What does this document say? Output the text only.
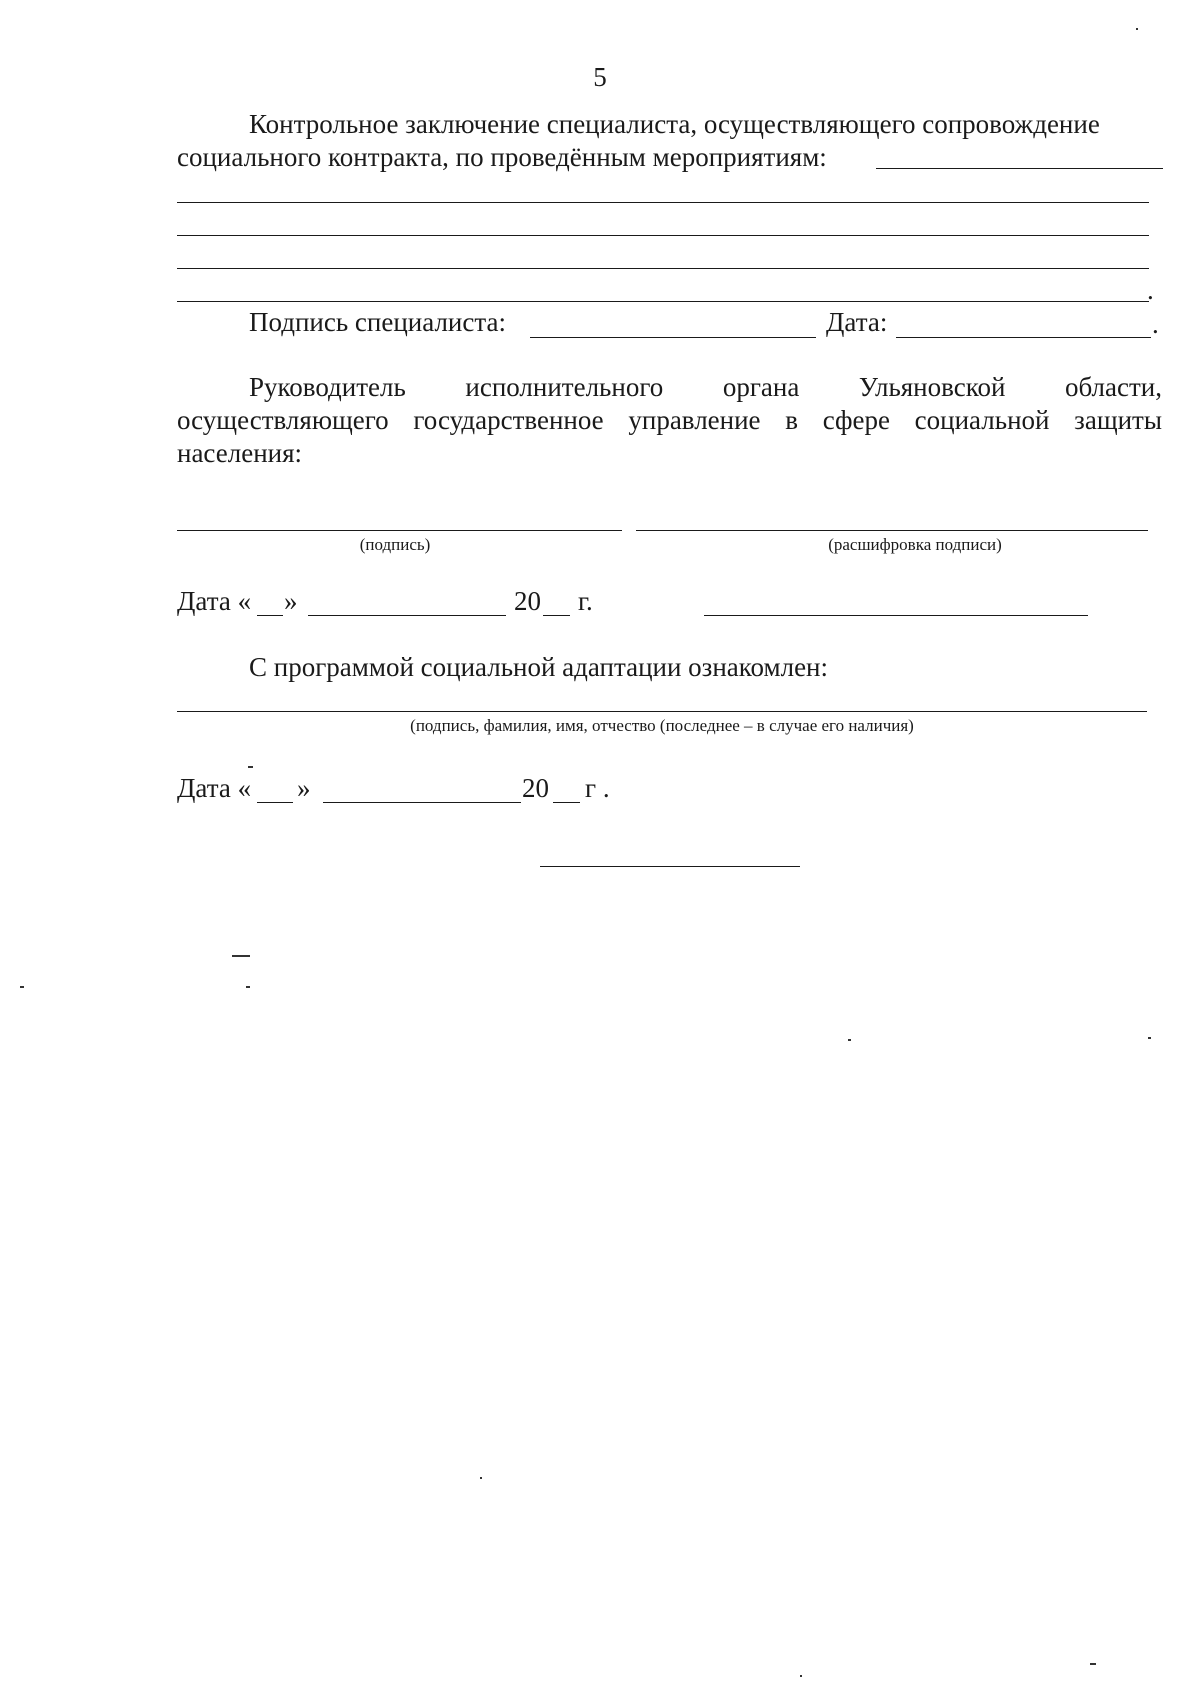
5
Контрольное заключение специалиста, осуществляющего сопровождение
социального контракта, по проведённым мероприятиям:
.
Подпись специалиста:	Дата:	.
Руководитель исполнительного органа Ульяновской области, осуществляющего государственное управление в сфере социальной защиты населения:
(подпись)	(расшифровка подписи)
Дата « »	20 г.
С программой социальной адаптации ознакомлен:
(подпись, фамилия, имя, отчество (последнее – в случае его наличия)
Дата « »	20 г .
